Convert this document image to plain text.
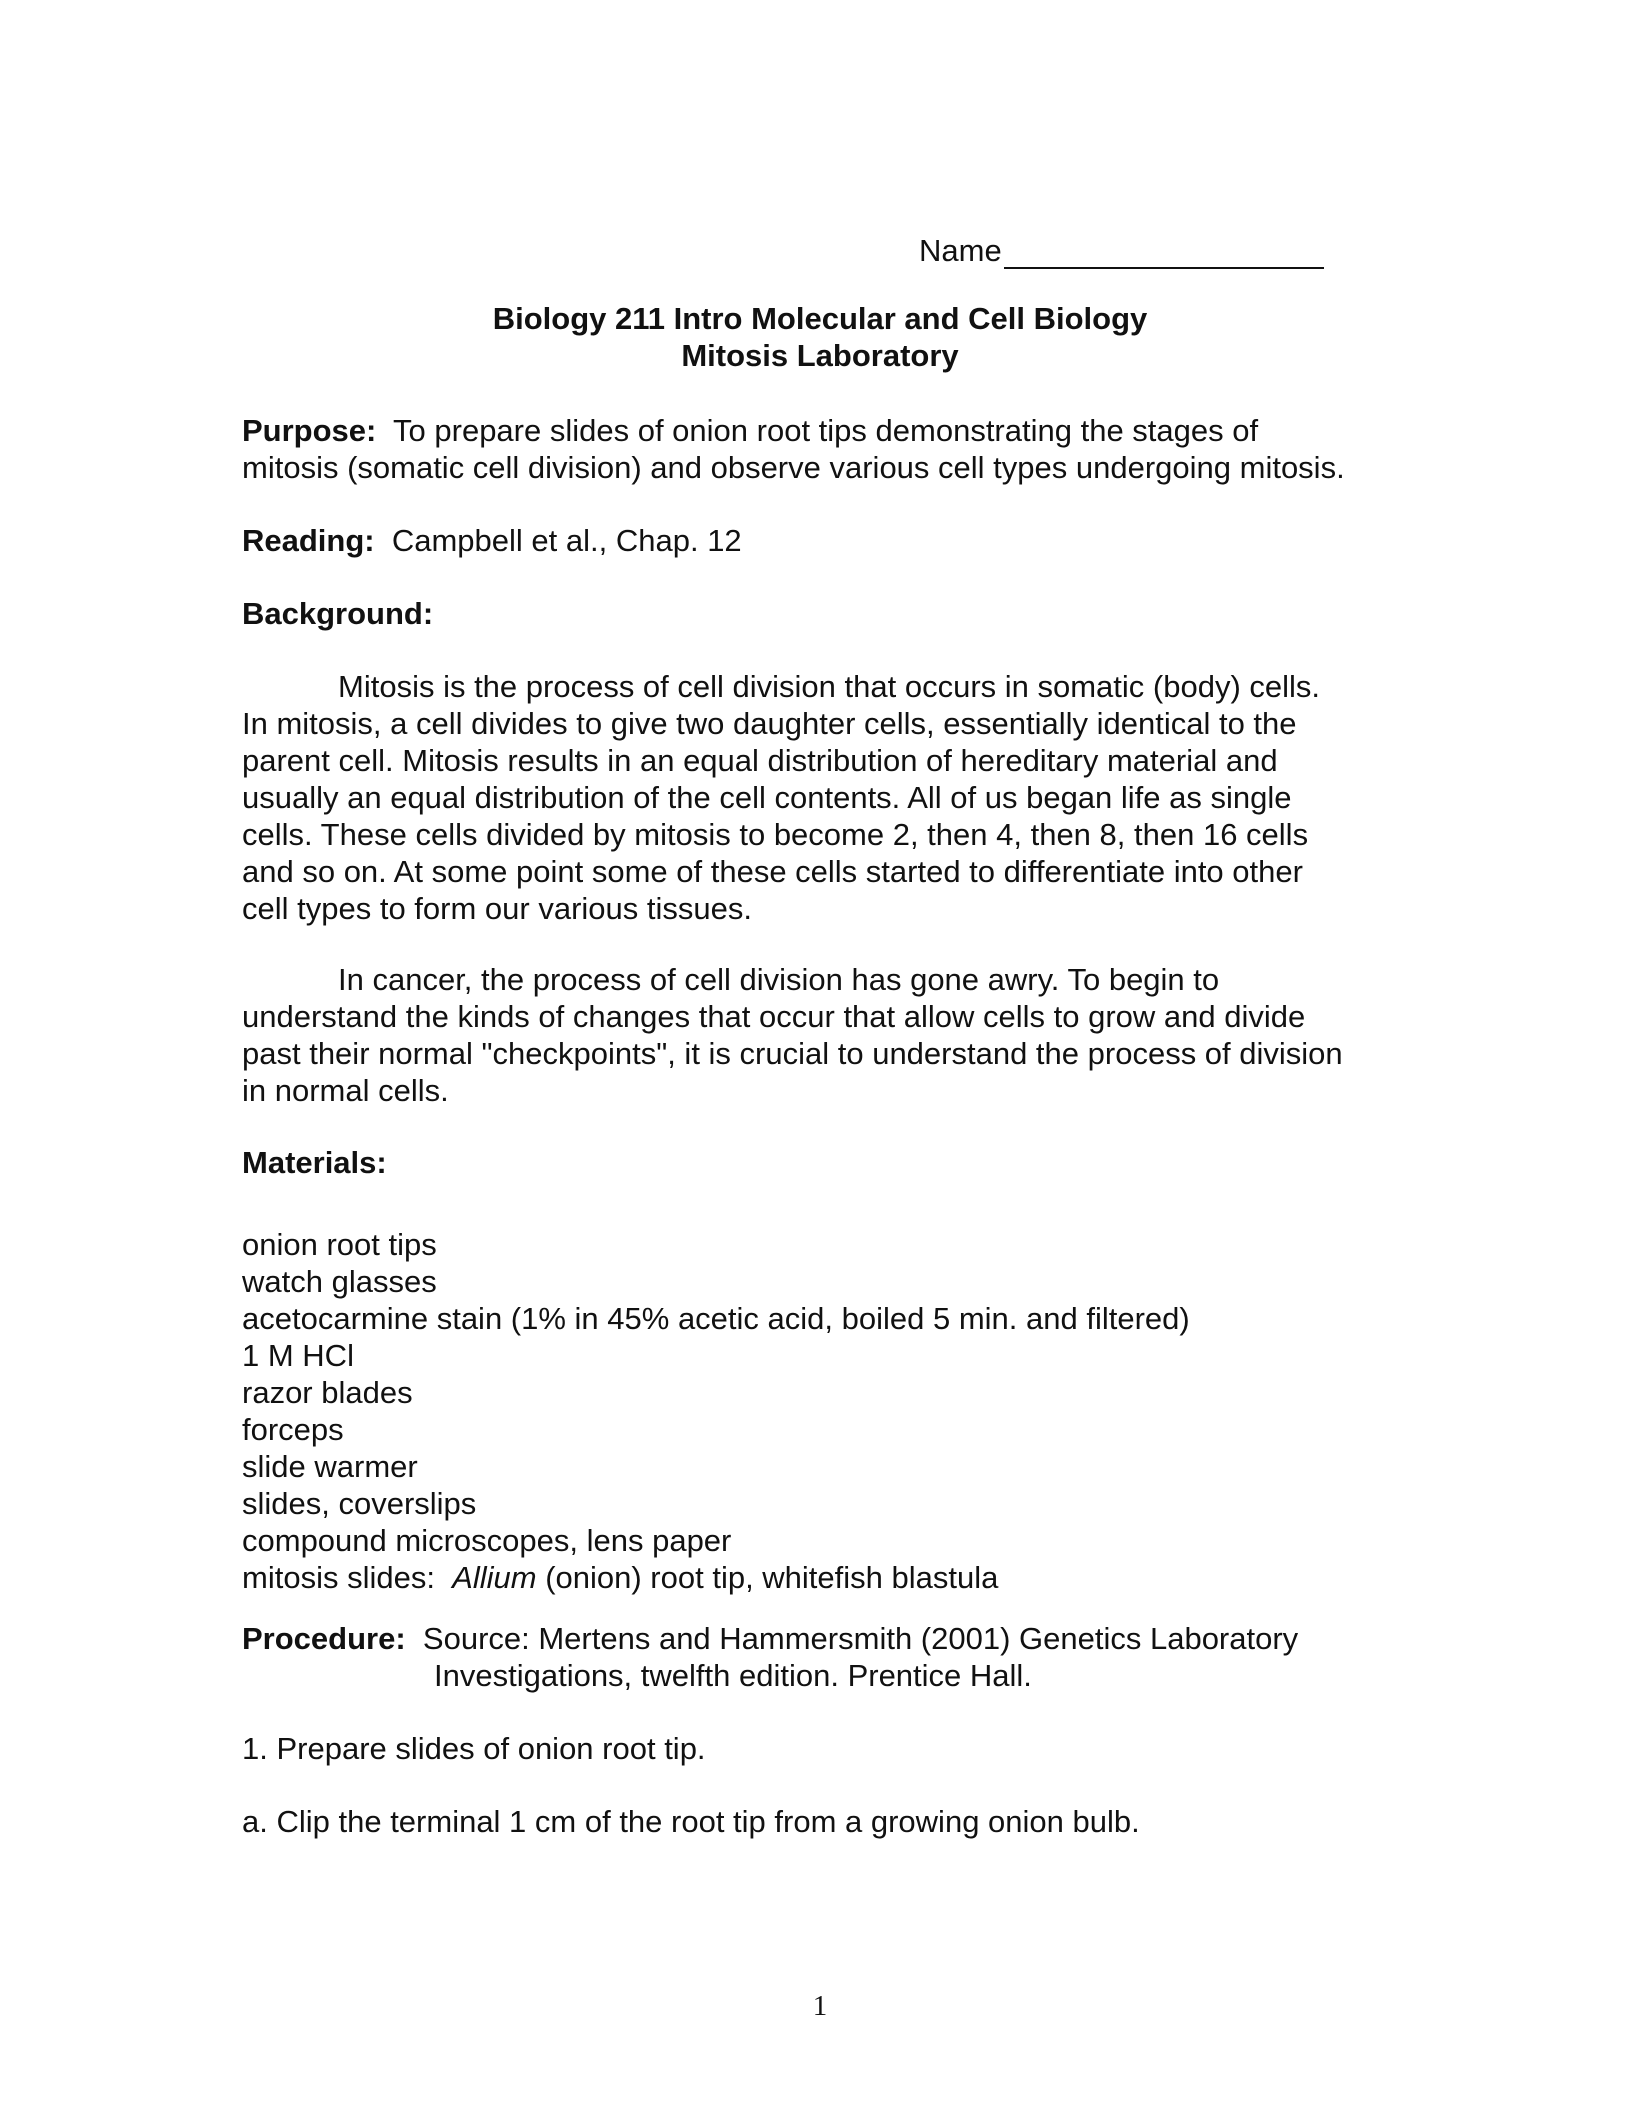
Name
Biology 211 Intro Molecular and Cell Biology
Mitosis Laboratory
Purpose: To prepare slides of onion root tips demonstrating the stages of
mitosis (somatic cell division) and observe various cell types undergoing mitosis.
Reading: Campbell et al., Chap. 12
Background:
Mitosis is the process of cell division that occurs in somatic (body) cells.
In mitosis, a cell divides to give two daughter cells, essentially identical to the
parent cell. Mitosis results in an equal distribution of hereditary material and
usually an equal distribution of the cell contents. All of us began life as single
cells. These cells divided by mitosis to become 2, then 4, then 8, then 16 cells
and so on. At some point some of these cells started to differentiate into other
cell types to form our various tissues.
In cancer, the process of cell division has gone awry. To begin to
understand the kinds of changes that occur that allow cells to grow and divide
past their normal "checkpoints", it is crucial to understand the process of division
in normal cells.
Materials:
onion root tips
watch glasses
acetocarmine stain (1% in 45% acetic acid, boiled 5 min. and filtered)
1 M HCl
razor blades
forceps
slide warmer
slides, coverslips
compound microscopes, lens paper
mitosis slides:  Allium (onion) root tip, whitefish blastula
Procedure: Source: Mertens and Hammersmith (2001) Genetics Laboratory
Investigations, twelfth edition. Prentice Hall.
1. Prepare slides of onion root tip.
a. Clip the terminal 1 cm of the root tip from a growing onion bulb.
1
